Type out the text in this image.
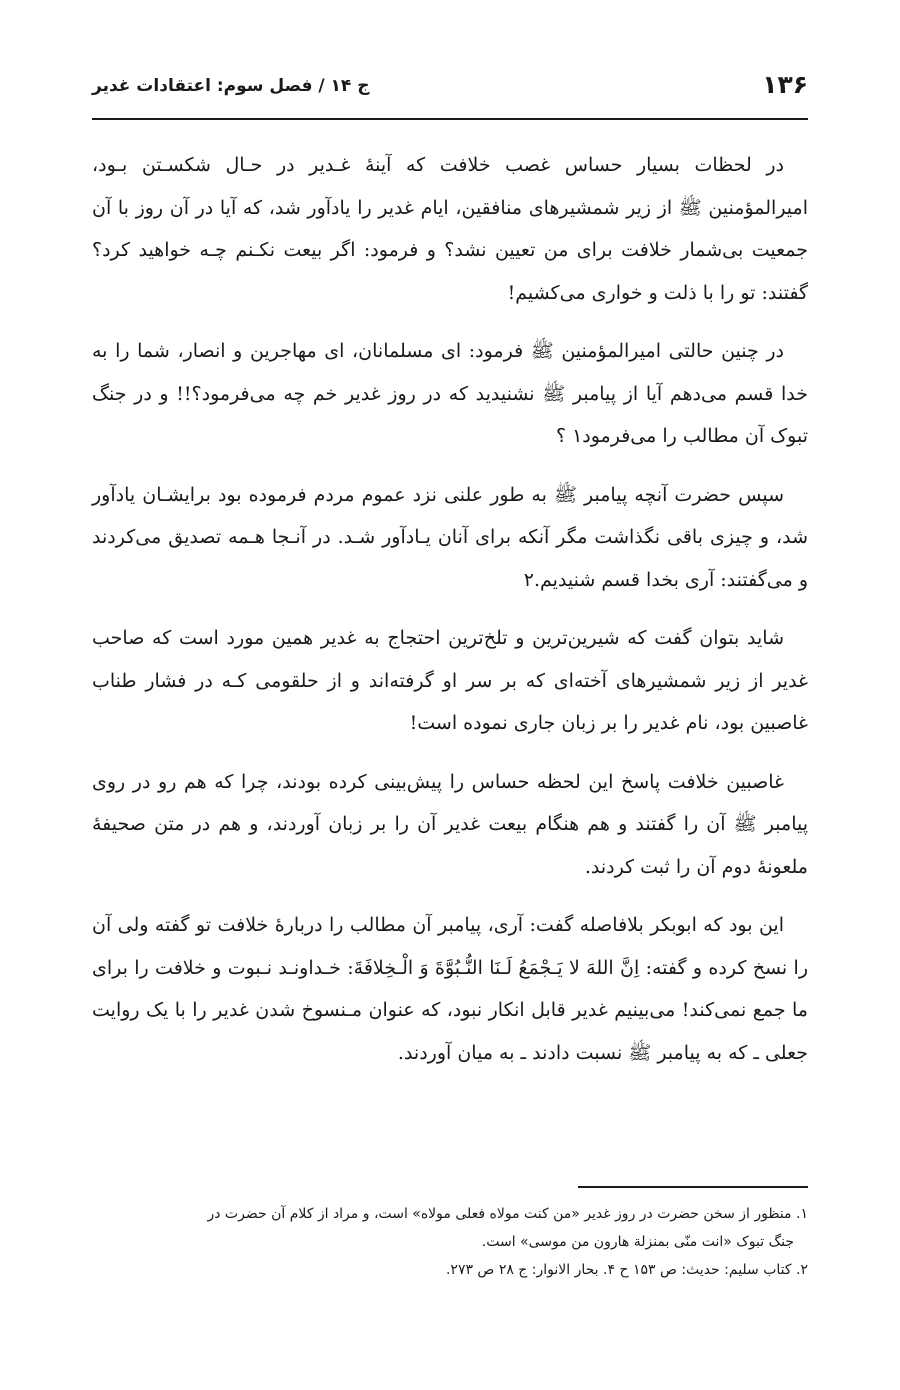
۱۳۶
ج ۱۴ / فصل سوم: اعتقادات غدیر

در لحظات بسیار حساس غصب خلافت که آینۀ غـدیر در حـال شکسـتن بـود، امیرالمؤمنین ﷺ از زیر شمشیرهای منافقین، ایام غدیر را یادآور شد، که آیا در آن روز با آن جمعیت بی‌شمار خلافت برای من تعیین نشد؟ و فرمود: اگر بیعت نکـنم چـه خواهید کرد؟ گفتند: تو را با ذلت و خواری می‌کشیم!

در چنین حالتی امیرالمؤمنین ﷺ فرمود: ای مسلمانان، ای مهاجرین و انصار، شما را به خدا قسم می‌دهم آیا از پیامبر ﷺ نشنیدید که در روز غدیر خم چه می‌فرمود؟!! و در جنگ تبوک آن مطالب را می‌فرمود۱ ؟

سپس حضرت آنچه پیامبر ﷺ به طور علنی نزد عموم مردم فرموده بود برایشـان یادآور شد، و چیزی باقی نگذاشت مگر آنکه برای آنان یـادآور شـد. در آنـجا هـمه تصدیق می‌کردند و می‌گفتند: آری بخدا قسم شنیدیم.۲

شاید بتوان گفت که شیرین‌ترین و تلخ‌ترین احتجاج به غدیر همین مورد است که صاحب غدیر از زیر شمشیرهای آخته‌ای که بر سر او گرفته‌اند و از حلقومی کـه در فشار طناب غاصبین بود، نام غدیر را بر زبان جاری نموده است!

غاصبین خلافت پاسخ این لحظه حساس را پیش‌بینی کرده بودند، چرا که هم رو در روی پیامبر ﷺ آن را گفتند و هم هنگام بیعت غدیر آن را بر زبان آوردند، و هم در متن صحیفۀ ملعونۀ دوم آن را ثبت کردند.

این بود که ابوبکر بلافاصله گفت: آری، پیامبر آن مطالب را دربارۀ خلافت تو گفته ولی آن را نسخ کرده و گفته: اِنَّ اللهَ لا یَـجْمَعُ لَـنَا النُّـبُوَّةَ وَ الْـخِلافَةَ: خـداونـد نـبوت و خلافت را برای ما جمع نمی‌کند! می‌بینیم غدیر قابل انکار نبود، که عنوان مـنسوخ شدن غدیر را با یک روایت جعلی ـ که به پیامبر ﷺ نسبت دادند ـ به میان آوردند.

۱. منظور از سخن حضرت در روز غدیر «من کنت مولاه فعلی مولاه» است، و مراد از کلام آن حضرت در
جنگ تبوک «انت منّی بمنزلة هارون من موسی» است.

۲. کتاب سلیم: حدیث: ص ۱۵۳ ح ۴. بحار الانوار: ج ۲۸ ص ۲۷۳.
